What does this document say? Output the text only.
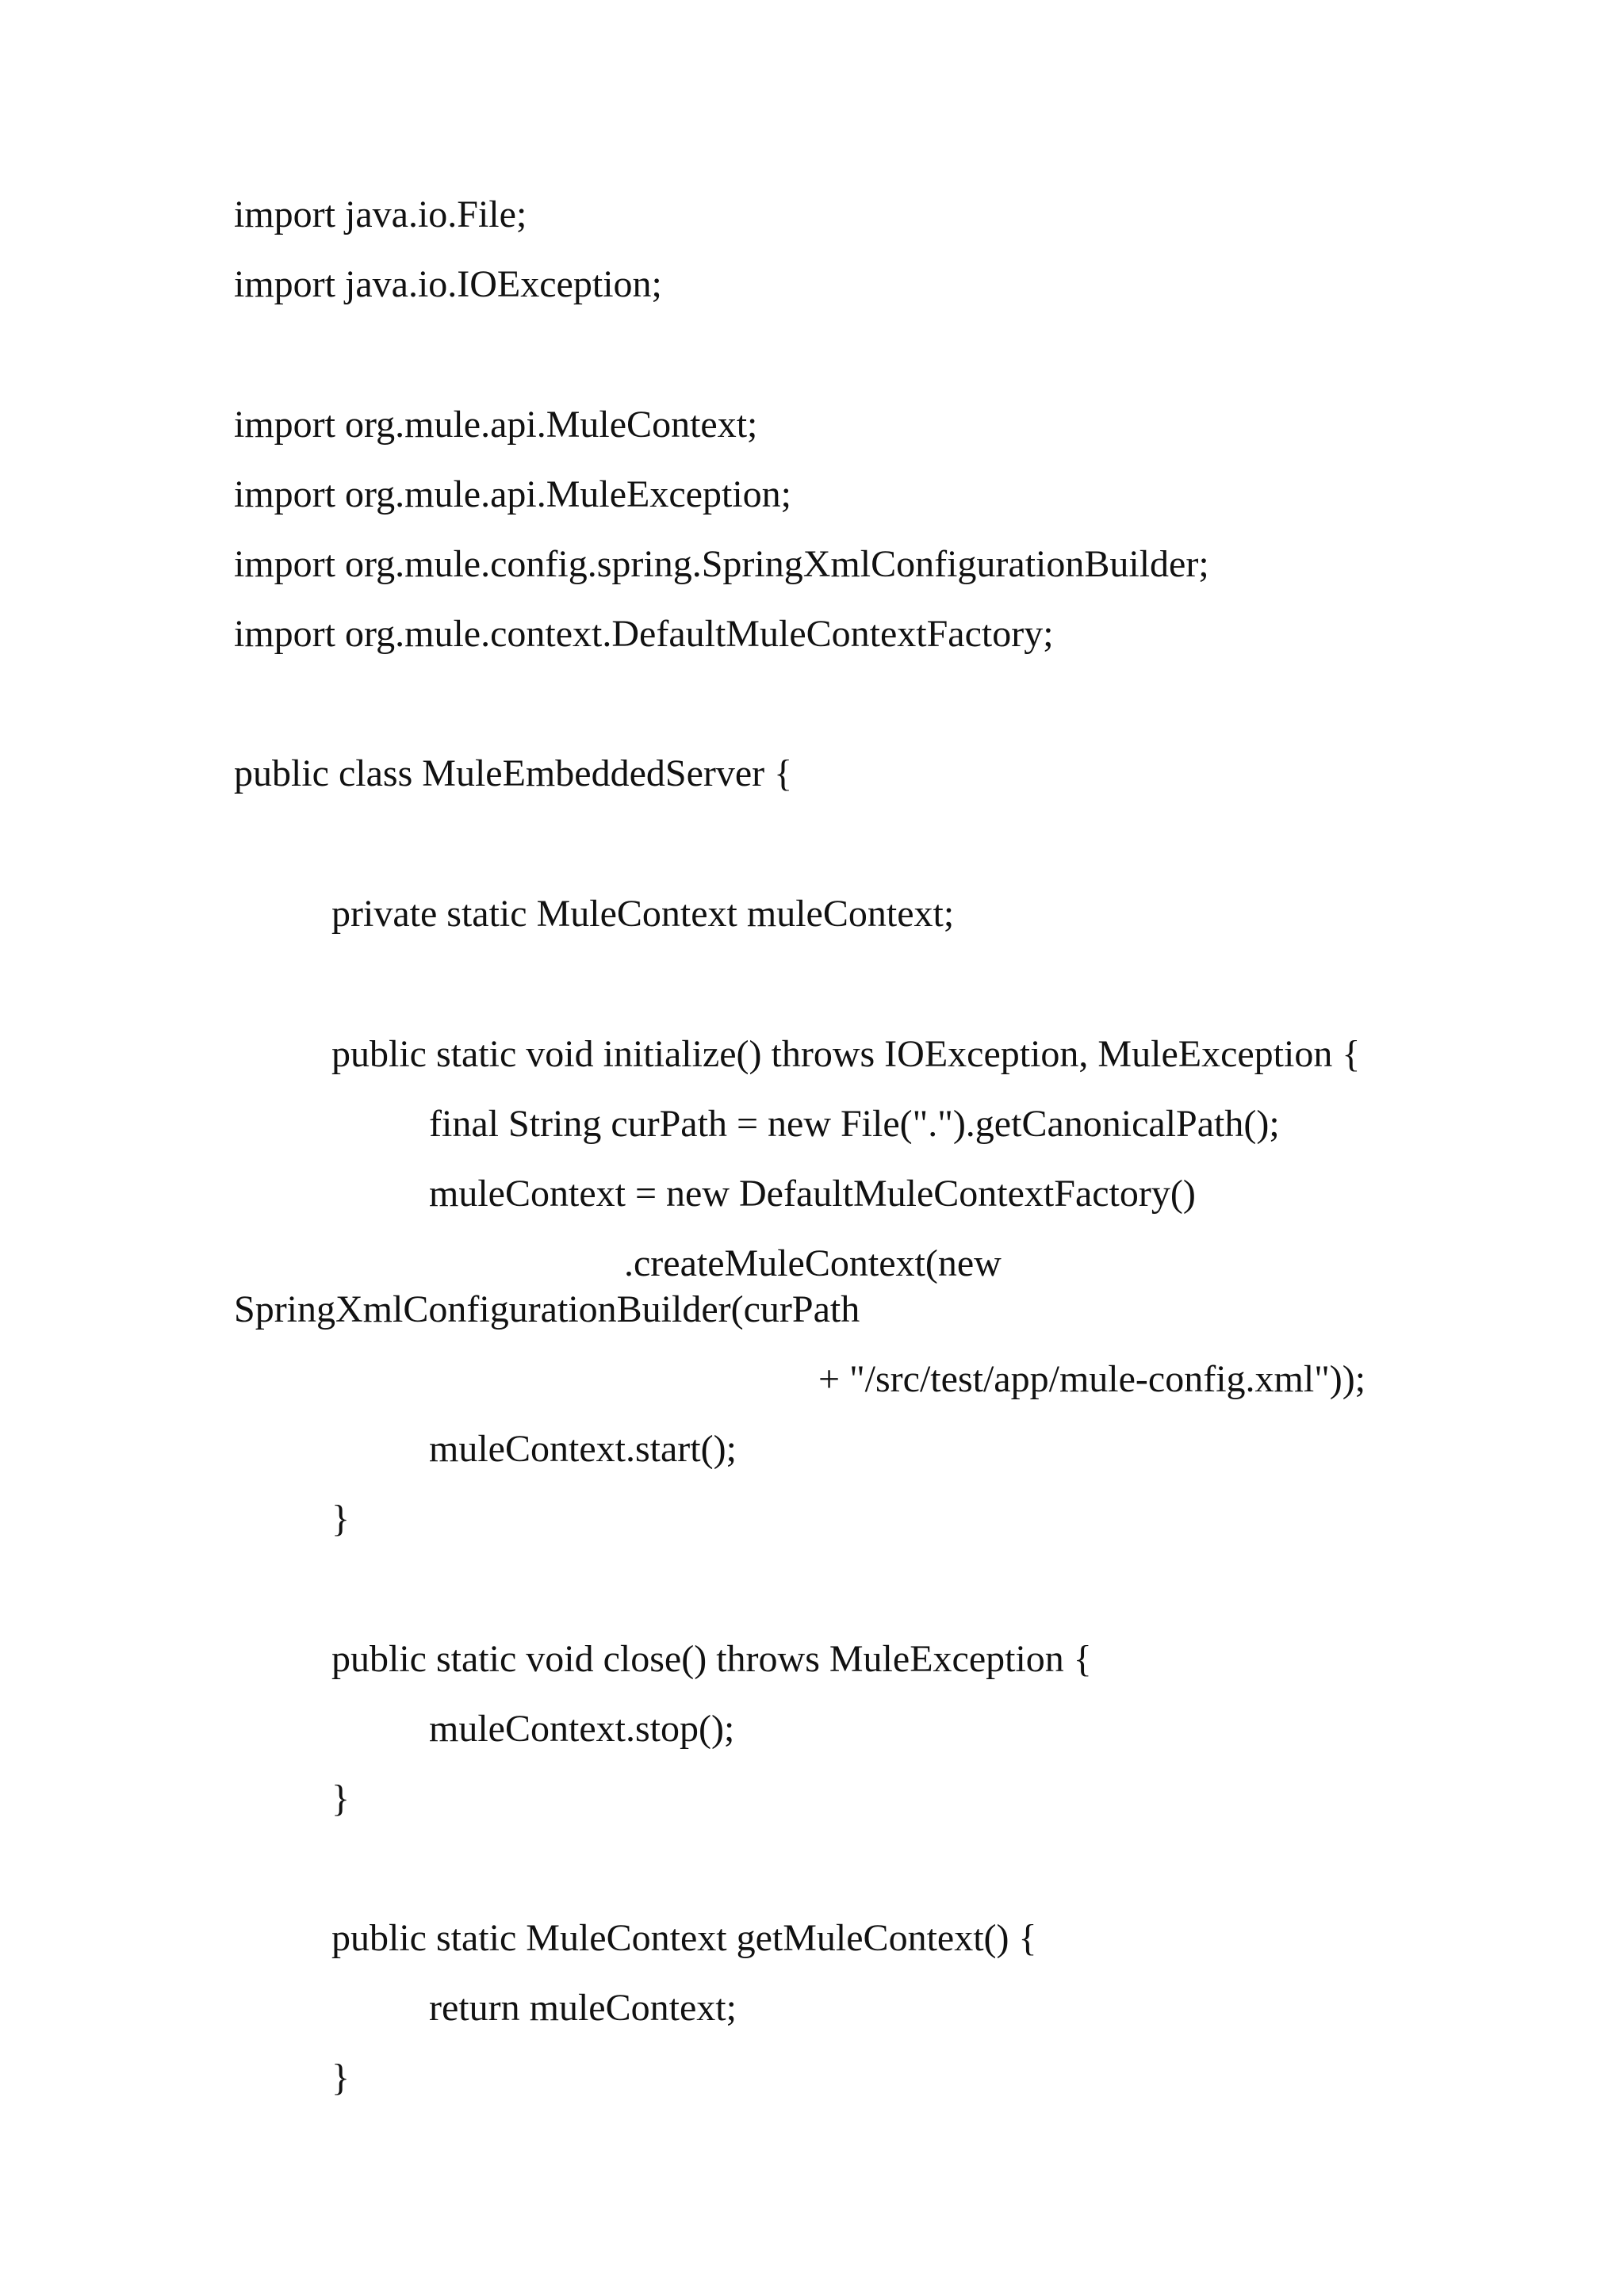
import java.io.File;
import java.io.IOException;
import org.mule.api.MuleContext;
import org.mule.api.MuleException;
import org.mule.config.spring.SpringXmlConfigurationBuilder;
import org.mule.context.DefaultMuleContextFactory;
public class MuleEmbeddedServer {
private static MuleContext muleContext;
public static void initialize() throws IOException, MuleException {
final String curPath = new File(".").getCanonicalPath();
muleContext = new DefaultMuleContextFactory()
.createMuleContext(new
SpringXmlConfigurationBuilder(curPath
+ "/src/test/app/mule-config.xml"));
muleContext.start();
}
public static void close() throws MuleException {
muleContext.stop();
}
public static MuleContext getMuleContext() {
return muleContext;
}
